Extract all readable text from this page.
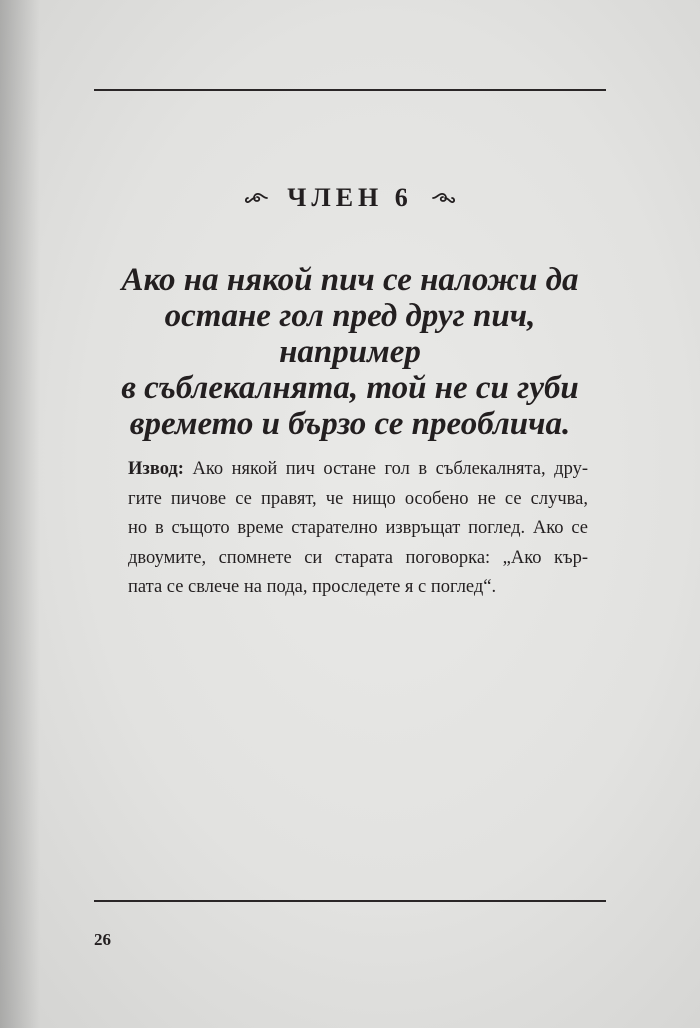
ЧЛЕН 6
Ако на някой пич се наложи да
остане гол пред друг пич, например
в съблекалнята, той не си губи
времето и бързо се преоблича.
Извод: Ако някой пич остане гол в съблекалнята, дру-
гите пичове се правят, че нищо особено не се случва,
но в същото време старателно извръщат поглед. Ако се
двоумите, спомнете си старата поговорка: „Ако кър-
пата се свлече на пода, проследете я с поглед“.
26
